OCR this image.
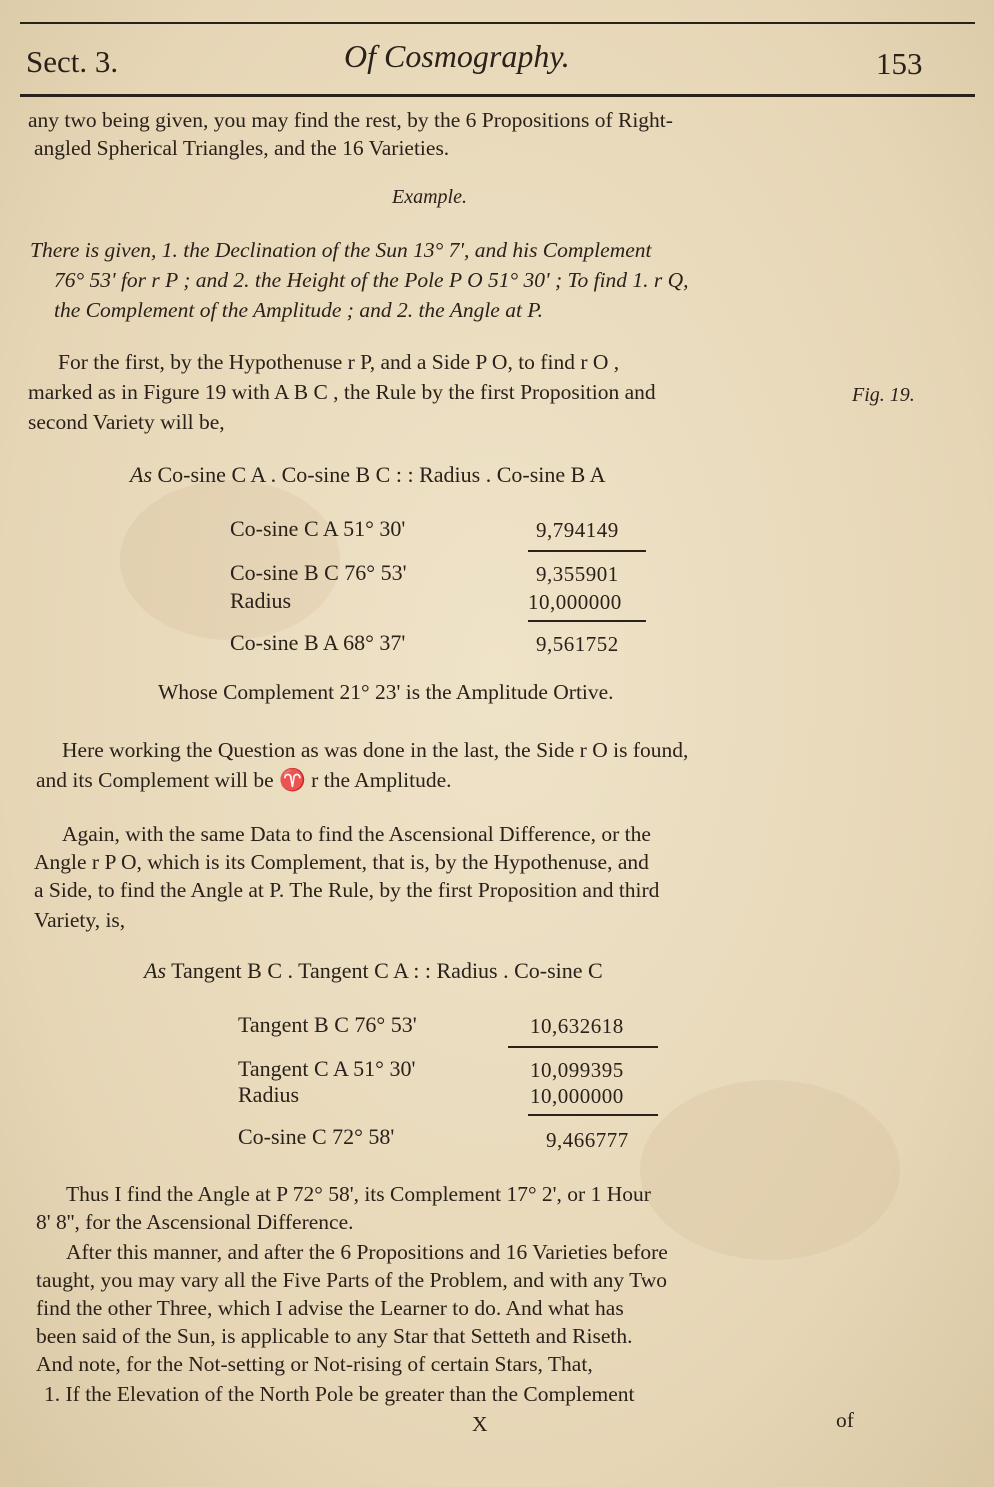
Sect. 3.	Of Cosmography.	153
any two being given, you may find the rest, by the 6 Propositions of Right-
angled Spherical Triangles, and the 16 Varieties.
Example.
There is given, 1. the Declination of the Sun 13° 7', and his Complement
76° 53' for r P ; and 2. the Height of the Pole P O 51° 30' ; To find 1. r Q,
the Complement of the Amplitude ; and 2. the Angle at P.
For the first, by the Hypothenuse r P, and a Side P O, to find r O ,
marked as in Figure 19 with A B C , the Rule by the first Proposition and
second Variety will be,
Fig. 19.
As Co-sine C A . Co-sine B C : : Radius . Co-sine B A
Co-sine C A 51° 30'	9,794149
Co-sine B C 76° 53'	9,355901
Radius	10,000000
Co-sine B A 68° 37'	9,561752
Whose Complement 21° 23' is the Amplitude Ortive.
Here working the Question as was done in the last, the Side r O is found,
and its Complement will be ♈ r the Amplitude.
Again, with the same Data to find the Ascensional Difference, or the
Angle r P O, which is its Complement, that is, by the Hypothenuse, and
a Side, to find the Angle at P. The Rule, by the first Proposition and third
Variety, is,
As Tangent B C . Tangent C A : : Radius . Co-sine C
Tangent B C 76° 53'	10,632618
Tangent C A 51° 30'	10,099395
Radius	10,000000
Co-sine C 72° 58'	9,466777
Thus I find the Angle at P 72° 58', its Complement 17° 2', or 1 Hour
8' 8'', for the Ascensional Difference.
After this manner, and after the 6 Propositions and 16 Varieties before
taught, you may vary all the Five Parts of the Problem, and with any Two
find the other Three, which I advise the Learner to do. And what has
been said of the Sun, is applicable to any Star that Setteth and Riseth.
And note, for the Not-setting or Not-rising of certain Stars, That,
1. If the Elevation of the North Pole be greater than the Complement
X	of
